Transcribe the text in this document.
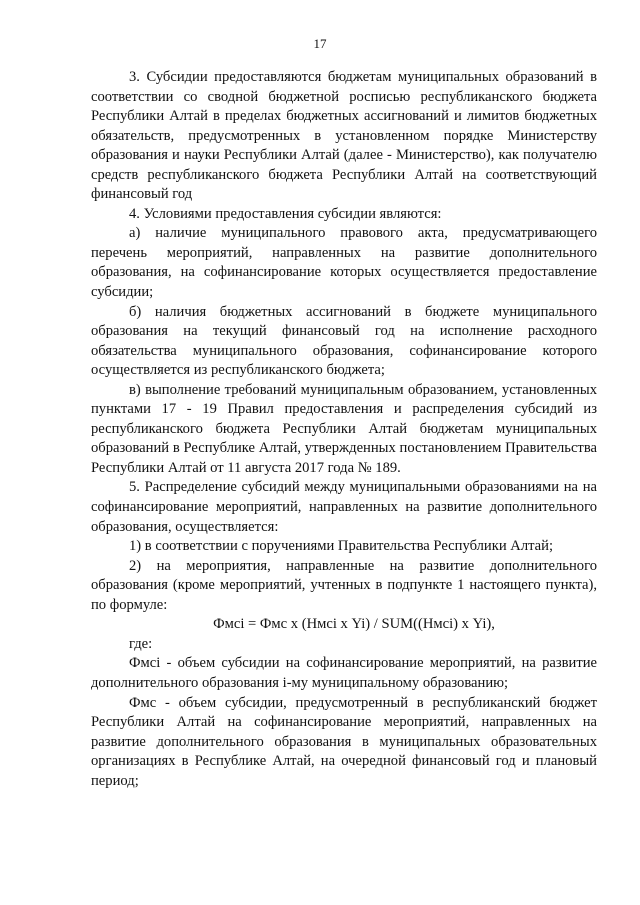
17

3. Субсидии предоставляются бюджетам муниципальных образований в соответствии со сводной бюджетной росписью республиканского бюджета Республики Алтай в пределах бюджетных ассигнований и лимитов бюджетных обязательств, предусмотренных в установленном порядке Министерству образования и науки Республики Алтай (далее - Министерство), как получателю средств республиканского бюджета Республики Алтай на соответствующий финансовый год

4. Условиями предоставления субсидии являются:

а) наличие муниципального правового акта, предусматривающего перечень мероприятий, направленных на развитие дополнительного образования, на софинансирование которых осуществляется предоставление субсидии;

б) наличия бюджетных ассигнований в бюджете муниципального образования на текущий финансовый год на исполнение расходного обязательства муниципального образования, софинансирование которого осуществляется из республиканского бюджета;

в) выполнение требований муниципальным образованием, установленных пунктами 17 - 19 Правил предоставления и распределения субсидий из республиканского бюджета Республики Алтай бюджетам муниципальных образований в Республике Алтай, утвержденных постановлением Правительства Республики Алтай от 11 августа 2017 года № 189.

5. Распределение субсидий между муниципальными образованиями на на софинансирование мероприятий, направленных на развитие дополнительного образования, осуществляется:

1) в соответствии с поручениями Правительства Республики Алтай;

2) на мероприятия, направленные на развитие дополнительного образования (кроме мероприятий, учтенных в подпункте 1 настоящего пункта), по формуле:

Фмсi = Фмс х (Нмсi х Yi) / SUM((Нмсi) х Yi),

где:

Фмсi - объем субсидии на софинансирование мероприятий, на развитие дополнительного образования i-му муниципальному образованию;

Фмс - объем субсидии, предусмотренный в республиканский бюджет Республики Алтай на софинансирование мероприятий, направленных на развитие дополнительного образования в муниципальных образовательных организациях в Республике Алтай, на очередной финансовый год и плановый период;
